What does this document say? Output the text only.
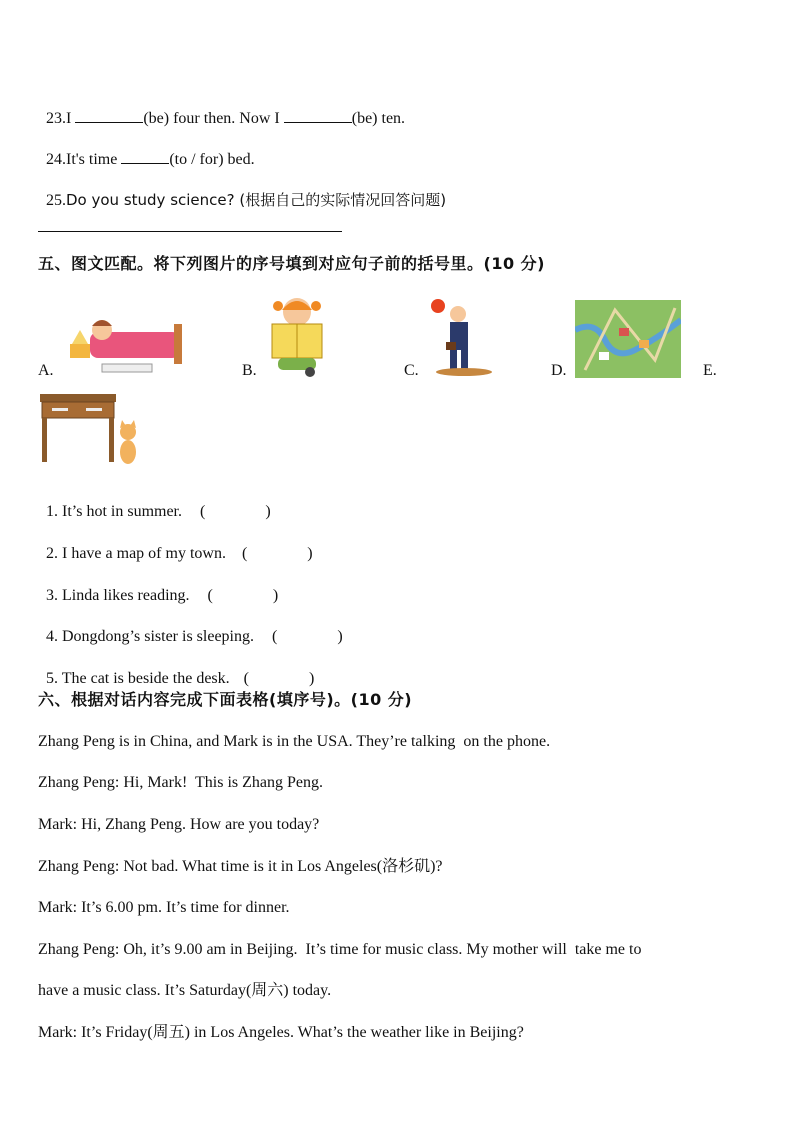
23.I	(be) four then. Now I	(be) ten.

24.It's time	(to / for) bed.

25.Do you study science? (根据自己的实际情况回答问题)

五、图文匹配。将下列图片的序号填到对应句子前的括号里。(10 分)
A.	B.	C.	D.	E.

1. It’s hot in summer. (	)

2. I have a map of my town. (	)

3. Linda likes reading. (	)

4. Dongdong’s sister is sleeping. (	)

5. The cat is beside the desk. (	)

六、根据对话内容完成下面表格(填序号)。(10 分)
Zhang Peng is in China, and Mark is in the USA. They’re talking  on the phone.
Zhang Peng: Hi, Mark!  This is Zhang Peng.
Mark: Hi, Zhang Peng. How are you today?
Zhang Peng: Not bad. What time is it in Los Angeles(洛杉矶)?
Mark: It’s 6.00 pm. It’s time for dinner.
Zhang Peng: Oh, it’s 9.00 am in Beijing.  It’s time for music class. My mother will  take me to
have a music class. It’s Saturday(周六) today.
Mark: It’s Friday(周五) in Los Angeles. What’s the weather like in Beijing?
